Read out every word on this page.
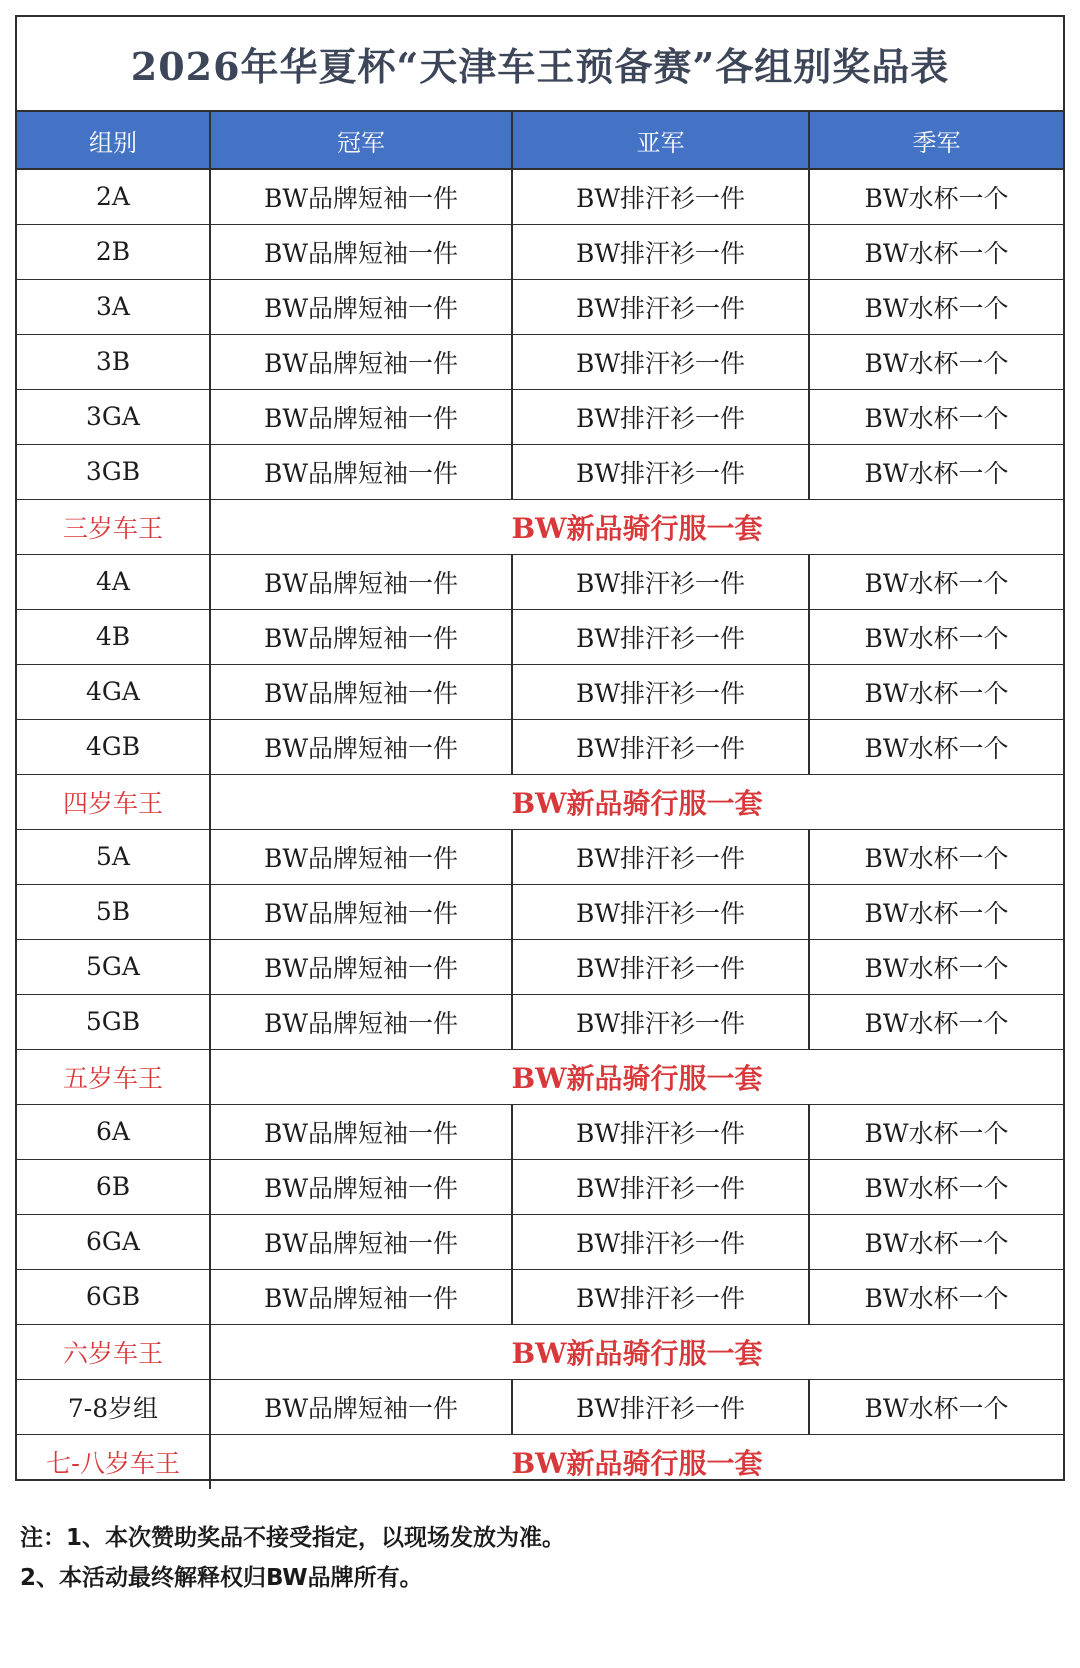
2026年华夏杯“天津车王预备赛”各组别奖品表
组别	冠军	亚军	季军
2A	BW品牌短袖一件	BW排汗衫一件	BW水杯一个
2B	BW品牌短袖一件	BW排汗衫一件	BW水杯一个
3A	BW品牌短袖一件	BW排汗衫一件	BW水杯一个
3B	BW品牌短袖一件	BW排汗衫一件	BW水杯一个
3GA	BW品牌短袖一件	BW排汗衫一件	BW水杯一个
3GB	BW品牌短袖一件	BW排汗衫一件	BW水杯一个
三岁车王	BW新品骑行服一套		
4A	BW品牌短袖一件	BW排汗衫一件	BW水杯一个
4B	BW品牌短袖一件	BW排汗衫一件	BW水杯一个
4GA	BW品牌短袖一件	BW排汗衫一件	BW水杯一个
4GB	BW品牌短袖一件	BW排汗衫一件	BW水杯一个
四岁车王	BW新品骑行服一套		
5A	BW品牌短袖一件	BW排汗衫一件	BW水杯一个
5B	BW品牌短袖一件	BW排汗衫一件	BW水杯一个
5GA	BW品牌短袖一件	BW排汗衫一件	BW水杯一个
5GB	BW品牌短袖一件	BW排汗衫一件	BW水杯一个
五岁车王	BW新品骑行服一套		
6A	BW品牌短袖一件	BW排汗衫一件	BW水杯一个
6B	BW品牌短袖一件	BW排汗衫一件	BW水杯一个
6GA	BW品牌短袖一件	BW排汗衫一件	BW水杯一个
6GB	BW品牌短袖一件	BW排汗衫一件	BW水杯一个
六岁车王	BW新品骑行服一套		
7-8岁组	BW品牌短袖一件	BW排汗衫一件	BW水杯一个
七-八岁车王	BW新品骑行服一套		
注：1、本次赞助奖品不接受指定，以现场发放为准。
2、本活动最终解释权归BW品牌所有。
